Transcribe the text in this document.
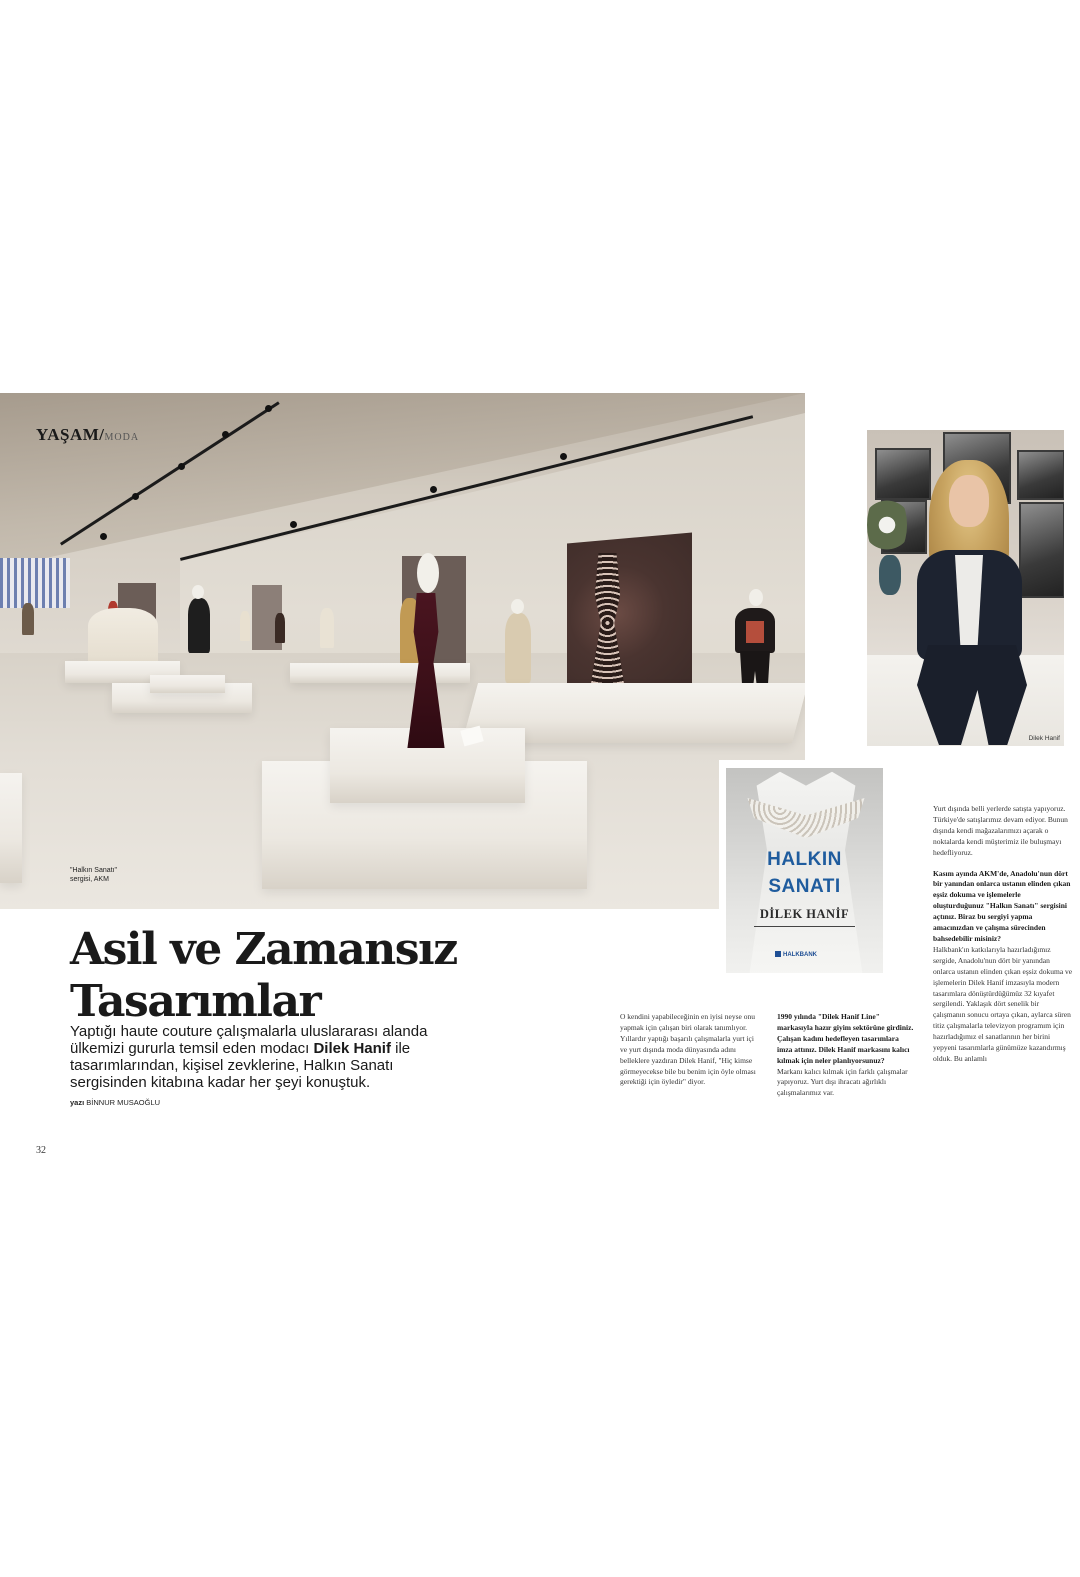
YAŞAM/MODA
"Halkın Sanatı"
sergisi, AKM
Dilek Hanif
HALKIN
SANATI
DİLEK HANİF
HALKBANK
Asil ve Zamansız
Tasarımlar

Yaptığı haute couture çalışmalarla uluslararası alanda ülkemizi gururla temsil eden modacı Dilek Hanif ile tasarımlarından, kişisel zevklerine, Halkın Sanatı sergisinden kitabına kadar her şeyi konuştuk.

yazı BİNNUR MUSAOĞLU

O kendini yapabileceğinin en iyisi neyse onu yapmak için çalışan biri olarak tanımlıyor. Yıllardır yaptığı başarılı çalışmalarla yurt içi ve yurt dışında moda dünyasında adını belleklere yazdıran Dilek Hanif, "Hiç kimse görmeyecekse bile bu benim için öyle olması gerektiği için öyledir" diyor.

1990 yılında "Dilek Hanif Line" markasıyla hazır giyim sektörüne girdiniz. Çalışan kadını hedefleyen tasarımlara imza attınız. Dilek Hanif markasını kalıcı kılmak için neler planlıyorsunuz?

Markanı kalıcı kılmak için farklı çalışmalar yapıyoruz. Yurt dışı ihracatı ağırlıklı çalışmalarımız var.

Yurt dışında belli yerlerde satışta yapıyoruz. Türkiye'de satışlarımız devam ediyor. Bunun dışında kendi mağazalarımızı açarak o noktalarda kendi müşterimiz ile buluşmayı hedefliyoruz.

Kasım ayında AKM'de, Anadolu'nun dört bir yanından onlarca ustanın elinden çıkan eşsiz dokuma ve işlemelerle oluşturduğunuz "Halkın Sanatı" sergisini açtınız. Biraz bu sergiyi yapma amacınızdan ve çalışma sürecinden bahsedebilir misiniz?

Halkbank'ın katkılarıyla hazırladığımız sergide, Anadolu'nun dört bir yanından onlarca ustanın elinden çıkan eşsiz dokuma ve işlemelerin Dilek Hanif imzasıyla modern tasarımlara dönüştürdüğümüz 32 kıyafet sergilendi. Yaklaşık dört senelik bir çalışmanın sonucu ortaya çıkan, aylarca süren titiz çalışmalarla televizyon programım için hazırladığımız el sanatlarının her birini yepyeni tasarımlarla günümüze kazandırmış olduk. Bu anlamlı

32
